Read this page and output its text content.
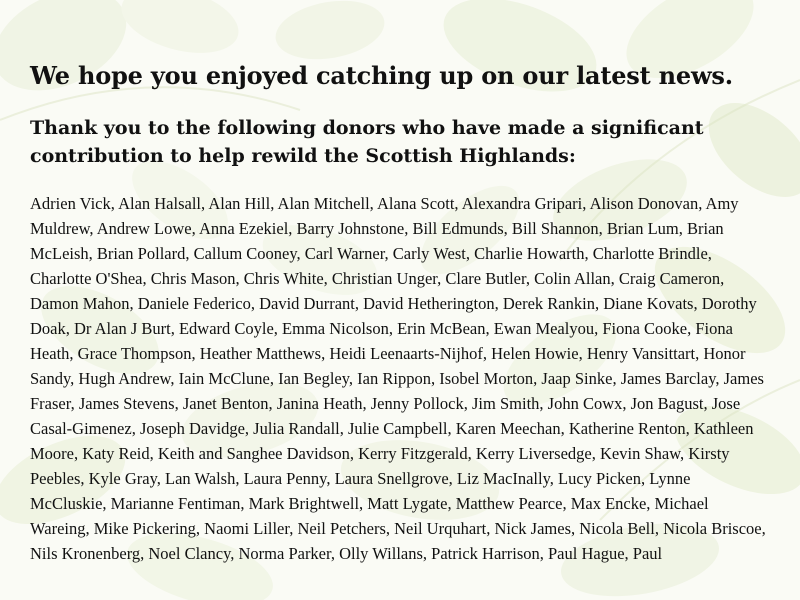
We hope you enjoyed catching up on our latest news.
Thank you to the following donors who have made a significant contribution to help rewild the Scottish Highlands:

Adrien Vick, Alan Halsall, Alan Hill, Alan Mitchell, Alana Scott, Alexandra Gripari, Alison Donovan, Amy Muldrew, Andrew Lowe, Anna Ezekiel, Barry Johnstone, Bill Edmunds, Bill Shannon, Brian Lum, Brian McLeish, Brian Pollard, Callum Cooney, Carl Warner, Carly West, Charlie Howarth, Charlotte Brindle, Charlotte O'Shea, Chris Mason, Chris White, Christian Unger, Clare Butler, Colin Allan, Craig Cameron, Damon Mahon, Daniele Federico, David Durrant, David Hetherington, Derek Rankin, Diane Kovats, Dorothy Doak, Dr Alan J Burt, Edward Coyle, Emma Nicolson, Erin McBean, Ewan Mealyou, Fiona Cooke, Fiona Heath, Grace Thompson, Heather Matthews, Heidi Leenaarts-Nijhof, Helen Howie, Henry Vansittart, Honor Sandy, Hugh Andrew, Iain McClune, Ian Begley, Ian Rippon, Isobel Morton, Jaap Sinke, James Barclay, James Fraser, James Stevens, Janet Benton, Janina Heath, Jenny Pollock, Jim Smith, John Cowx, Jon Bagust, Jose Casal-Gimenez, Joseph Davidge, Julia Randall, Julie Campbell, Karen Meechan, Katherine Renton, Kathleen Moore, Katy Reid, Keith and Sanghee Davidson, Kerry Fitzgerald, Kerry Liversedge, Kevin Shaw, Kirsty Peebles, Kyle Gray, Lan Walsh, Laura Penny, Laura Snellgrove, Liz MacInally, Lucy Picken, Lynne McCluskie, Marianne Fentiman, Mark Brightwell, Matt Lygate, Matthew Pearce, Max Encke, Michael Wareing, Mike Pickering, Naomi Liller, Neil Petchers, Neil Urquhart, Nick James, Nicola Bell, Nicola Briscoe, Nils Kronenberg, Noel Clancy, Norma Parker, Olly Willans, Patrick Harrison, Paul Hague, Paul
